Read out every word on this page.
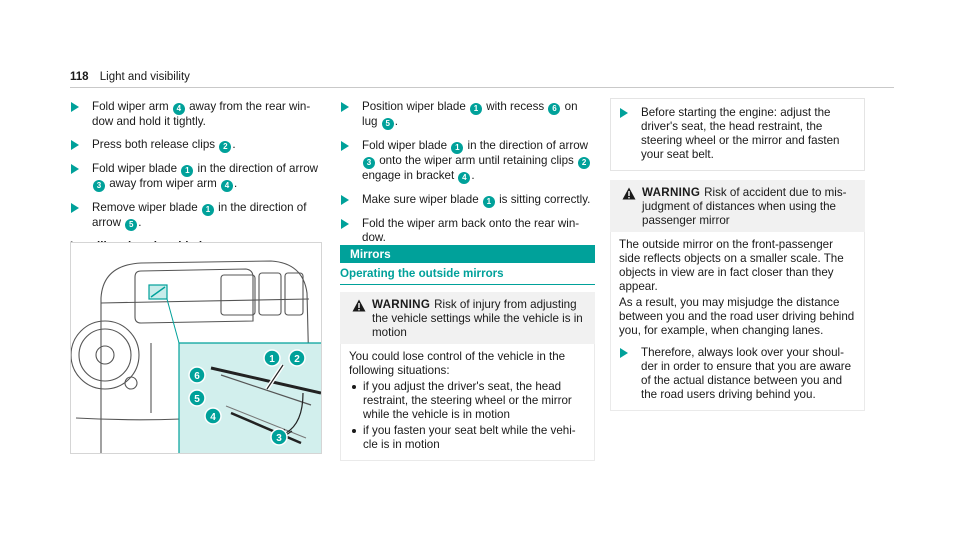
118 Light and visibility
Fold wiper arm 4 away from the rear win-dow and hold it tightly.
Press both release clips 2 .
Fold wiper blade 1 in the direction of arrow 3 away from wiper arm 4 .
Remove wiper blade 1 in the direction of arrow 5 .
1 2
6
5
4
3
Position wiper blade 1 with recess 6 on lug 5 .
Fold wiper blade 1 in the direction of arrow 3 onto the wiper arm until retaining clips 2 engage in bracket 4 .
Make sure wiper blade 1 is sitting correctly.
Fold the wiper arm back onto the rear win-dow.
Mirrors
Operating the outside mirrors
WARNING Risk of injury from adjusting the vehicle settings while the vehicle is in motion
You could lose control of the vehicle in the following situations:
if you adjust the driver's seat, the head restraint, the steering wheel or the mirror while the vehicle is in motion
if you fasten your seat belt while the vehi-cle is in motion
Before starting the engine: adjust the driver's seat, the head restraint, the steering wheel or the mirror and fasten your seat belt.
WARNING Risk of accident due to mis-judgment of distances when using the passenger mirror
The outside mirror on the front-passenger side reflects objects on a smaller scale. The objects in view are in fact closer than they appear.
As a result, you may misjudge the distance between you and the road user driving behind you, for example, when changing lanes.
Therefore, always look over your shoul-der in order to ensure that you are aware of the actual distance between you and the road users driving behind you.
